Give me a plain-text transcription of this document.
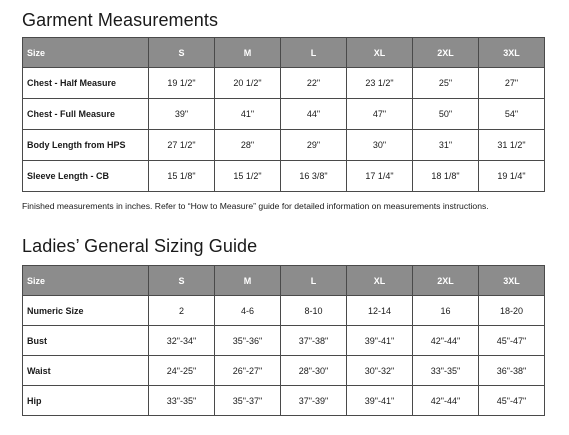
Garment Measurements
Size	S	M	L	XL	2XL	3XL
Chest - Half Measure	19 1/2"	20 1/2"	22"	23 1/2"	25"	27"
Chest - Full Measure	39"	41"	44"	47"	50"	54"
Body Length from HPS	27 1/2"	28"	29"	30"	31"	31 1/2"
Sleeve Length - CB	15 1/8"	15 1/2"	16 3/8"	17 1/4"	18 1/8"	19 1/4"

Finished measurements in inches. Refer to “How to Measure” guide for detailed information on measurements instructions.

Ladies’ General Sizing Guide
Size	S	M	L	XL	2XL	3XL
Numeric Size	2	4-6	8-10	12-14	16	18-20
Bust	32"-34"	35"-36"	37"-38"	39"-41"	42"-44"	45"-47"
Waist	24"-25"	26"-27"	28"-30"	30"-32"	33"-35"	36"-38"
Hip	33"-35"	35"-37"	37"-39"	39"-41"	42"-44"	45"-47"
